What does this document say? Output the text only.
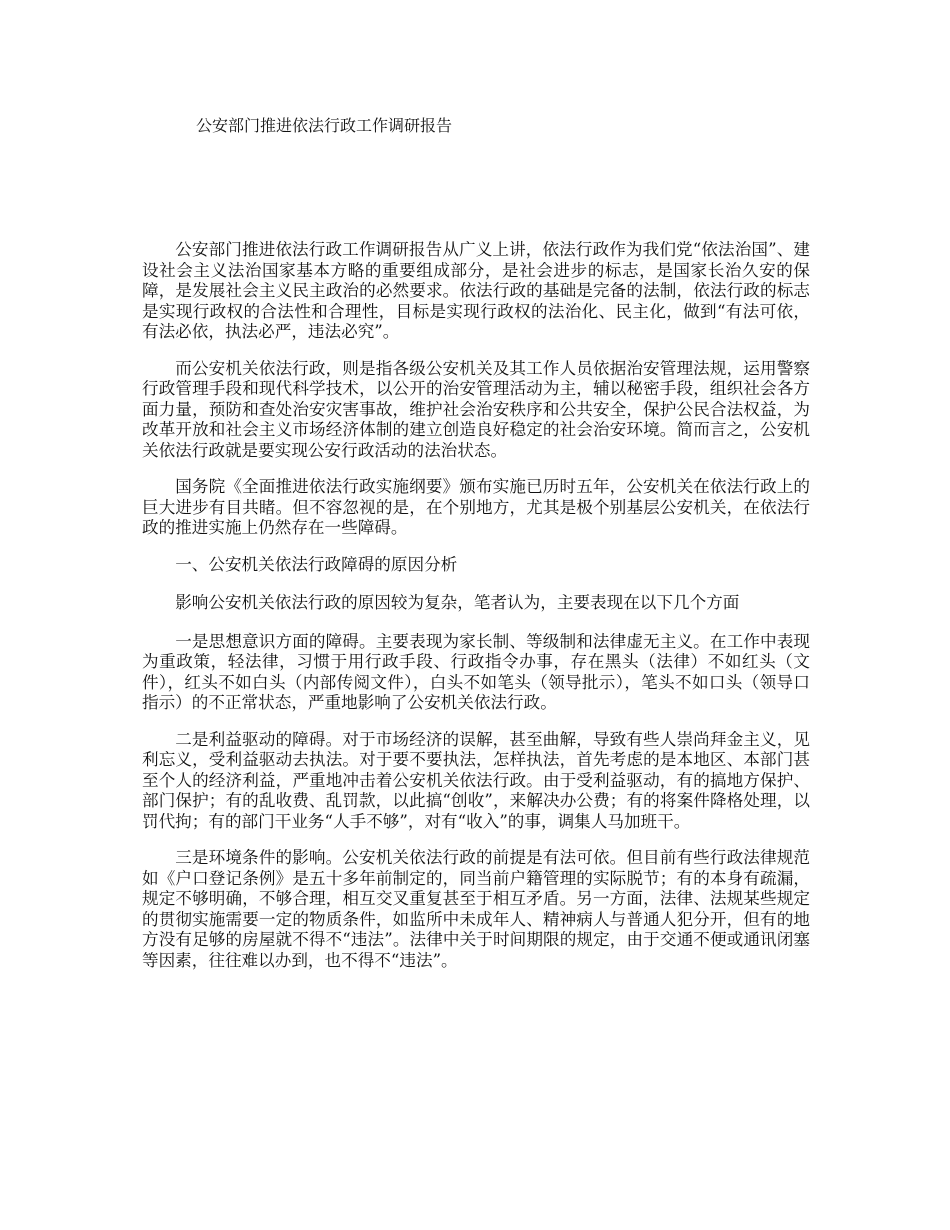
公安部门推进依法行政工作调研报告

公安部门推进依法行政工作调研报告从广义上讲，依法行政作为我们党“依法治国”、建设社会主义法治国家基本方略的重要组成部分，是社会进步的标志，是国家长治久安的保障，是发展社会主义民主政治的必然要求。依法行政的基础是完备的法制，依法行政的标志是实现行政权的合法性和合理性，目标是实现行政权的法治化、民主化，做到“有法可依，有法必依，执法必严，违法必究”。

而公安机关依法行政，则是指各级公安机关及其工作人员依据治安管理法规，运用警察行政管理手段和现代科学技术，以公开的治安管理活动为主，辅以秘密手段，组织社会各方面力量，预防和查处治安灾害事故，维护社会治安秩序和公共安全，保护公民合法权益，为改革开放和社会主义市场经济体制的建立创造良好稳定的社会治安环境。简而言之，公安机关依法行政就是要实现公安行政活动的法治状态。

国务院《全面推进依法行政实施纲要》颁布实施已历时五年，公安机关在依法行政上的巨大进步有目共睹。但不容忽视的是，在个别地方，尤其是极个别基层公安机关，在依法行政的推进实施上仍然存在一些障碍。

一、公安机关依法行政障碍的原因分析

影响公安机关依法行政的原因较为复杂，笔者认为，主要表现在以下几个方面

一是思想意识方面的障碍。主要表现为家长制、等级制和法律虚无主义。在工作中表现为重政策，轻法律，习惯于用行政手段、行政指令办事，存在黑头（法律）不如红头（文件），红头不如白头（内部传阅文件），白头不如笔头（领导批示），笔头不如口头（领导口指示）的不正常状态，严重地影响了公安机关依法行政。

二是利益驱动的障碍。对于市场经济的误解，甚至曲解，导致有些人崇尚拜金主义，见利忘义，受利益驱动去执法。对于要不要执法，怎样执法，首先考虑的是本地区、本部门甚至个人的经济利益，严重地冲击着公安机关依法行政。由于受利益驱动，有的搞地方保护、部门保护；有的乱收费、乱罚款，以此搞“创收”，来解决办公费；有的将案件降格处理，以罚代拘；有的部门干业务“人手不够”，对有“收入”的事，调集人马加班干。

三是环境条件的影响。公安机关依法行政的前提是有法可依。但目前有些行政法律规范如《户口登记条例》是五十多年前制定的，同当前户籍管理的实际脱节；有的本身有疏漏，规定不够明确，不够合理，相互交叉重复甚至于相互矛盾。另一方面，法律、法规某些规定的贯彻实施需要一定的物质条件，如监所中未成年人、精神病人与普通人犯分开，但有的地方没有足够的房屋就不得不“违法”。法律中关于时间期限的规定，由于交通不便或通讯闭塞等因素，往往难以办到，也不得不“违法”。
